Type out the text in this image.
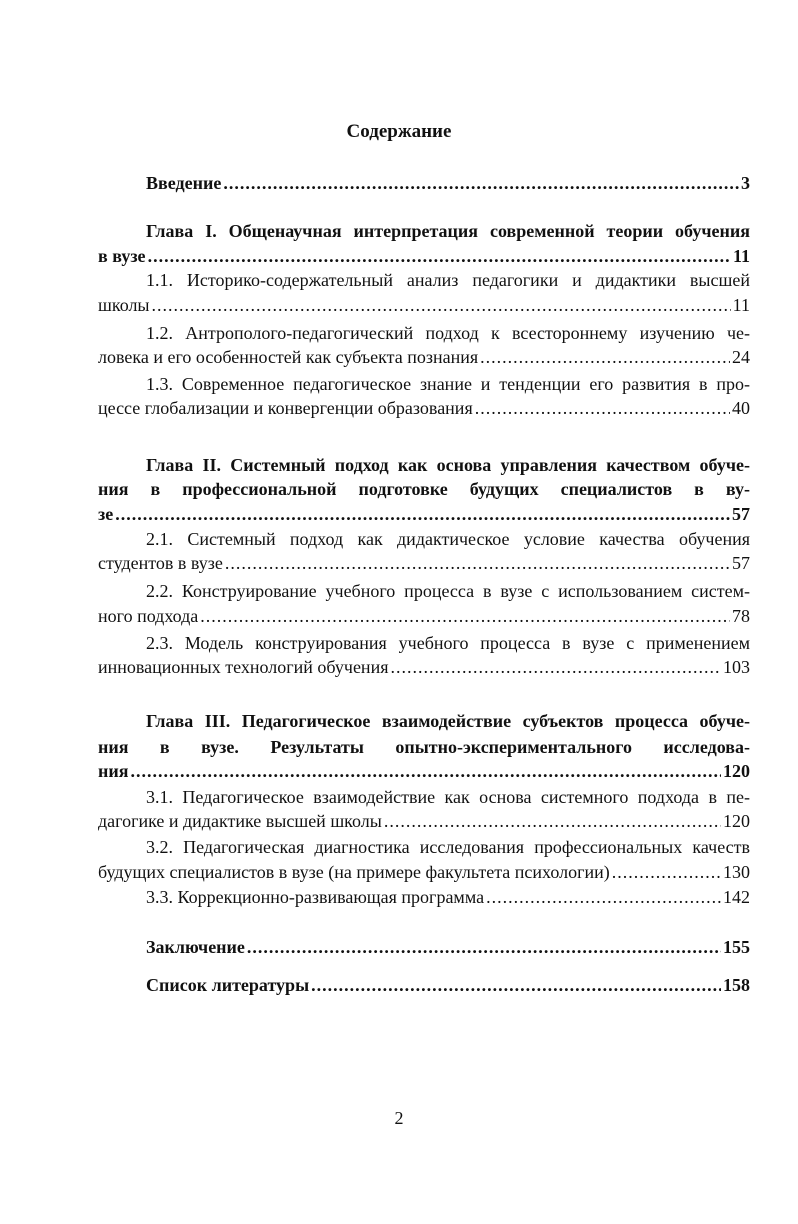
Содержание
Введение .....	3
Глава I. Общенаучная интерпретация современной теории обучения
в вузе .....	11
1.1. Историко-содержательный анализ педагогики и дидактики высшей
школы .....	11
1.2. Антрополого-педагогический подход к всестороннему изучению че-
ловека и его особенностей как субъекта познания .....	24
1.3. Современное педагогическое знание и тенденции его развития в про-
цессе глобализации и конвергенции образования .....	40
Глава II. Системный подход как основа управления качеством обуче-
ния в профессиональной подготовке будущих специалистов в ву-
зе .....	57
2.1. Системный подход как дидактическое условие качества обучения
студентов в вузе .....	57
2.2. Конструирование учебного процесса в вузе с использованием систем-
ного подхода .....	78
2.3. Модель конструирования учебного процесса в вузе с применением
инновационных технологий обучения .....	103
Глава III. Педагогическое взаимодействие субъектов процесса обуче-
ния в вузе. Результаты опытно-экспериментального исследова-
ния .....	120
3.1. Педагогическое взаимодействие как основа системного подхода в пе-
дагогике и дидактике высшей школы .....	120
3.2. Педагогическая диагностика исследования профессиональных качеств
будущих специалистов в вузе (на примере факультета психологии) .....	130
3.3. Коррекционно-развивающая программа .....	142
Заключение .....	155
Список литературы .....	158
2
